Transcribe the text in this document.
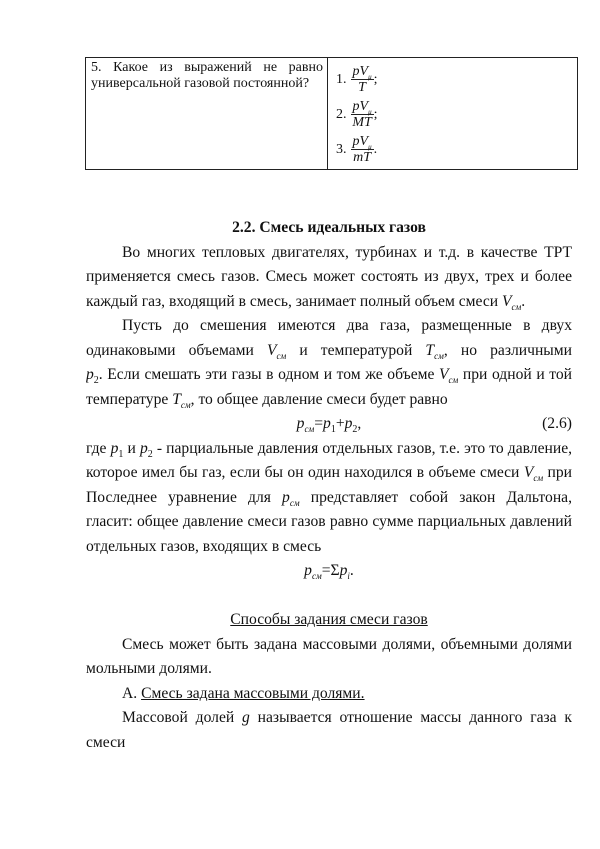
5. Какое из выражений не равно
универсальной газовой постоянной?	1. $\frac{pV_\mu}{T}$ ;
2. $\frac{pV_\mu}{MT}$ ;
3. $\frac{pV_\mu}{mT}$ .
2.2. Смесь идеальных газов
Во многих тепловых двигателях, турбинах и т.д. в качестве ТРТ
применяется смесь газов. Смесь может состоять из двух, трех и более
каждый газ, входящий в смесь, занимает полный объем смеси $V_{см}$.
Пусть до смешения имеются два газа, размещенные в двух
одинаковыми объемами $V_{см}$ и температурой $T_{см}$, но различными
$p_2$. Если смешать эти газы в одном и том же объеме $V_{см}$ при одной и той
температуре $T_{см}$, то общее давление смеси будет равно
$p_{см}=p_1+p_2$,	(2.6)
где $p_1$ и $p_2$ - парциальные давления отдельных газов, т.е. это то давление,
которое имел бы газ, если бы он один находился в объеме смеси $V_{см}$ при
Последнее уравнение для $p_{см}$ представляет собой закон Дальтона,
гласит: общее давление смеси газов равно сумме парциальных давлений
отдельных газов, входящих в смесь
$p_{см}=\Sigma p_i$.
Способы задания смеси газов
Смесь может быть задана массовыми долями, объемными долями
мольными долями.
А. Смесь задана массовыми долями.
Массовой долей g называется отношение массы данного газа к
смеси
